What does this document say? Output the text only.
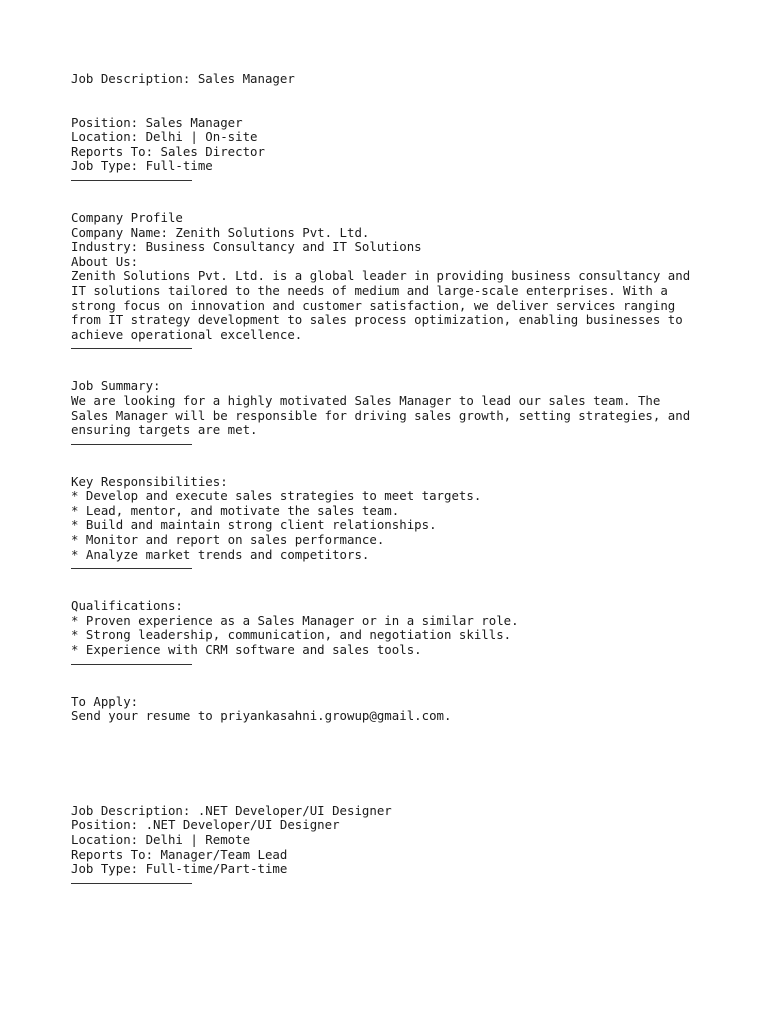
Job Description: Sales Manager
Position: Sales Manager
Location: Delhi | On-site
Reports To: Sales Director
Job Type: Full-time
Company Profile
Company Name: Zenith Solutions Pvt. Ltd.
Industry: Business Consultancy and IT Solutions
About Us:
Zenith Solutions Pvt. Ltd. is a global leader in providing business consultancy and
IT solutions tailored to the needs of medium and large-scale enterprises. With a
strong focus on innovation and customer satisfaction, we deliver services ranging
from IT strategy development to sales process optimization, enabling businesses to
achieve operational excellence.
Job Summary:
We are looking for a highly motivated Sales Manager to lead our sales team. The
Sales Manager will be responsible for driving sales growth, setting strategies, and
ensuring targets are met.
Key Responsibilities:
* Develop and execute sales strategies to meet targets.
* Lead, mentor, and motivate the sales team.
* Build and maintain strong client relationships.
* Monitor and report on sales performance.
* Analyze market trends and competitors.
Qualifications:
* Proven experience as a Sales Manager or in a similar role.
* Strong leadership, communication, and negotiation skills.
* Experience with CRM software and sales tools.
To Apply:
Send your resume to priyankasahni.growup@gmail.com.
Job Description: .NET Developer/UI Designer
Position: .NET Developer/UI Designer
Location: Delhi | Remote
Reports To: Manager/Team Lead
Job Type: Full-time/Part-time
